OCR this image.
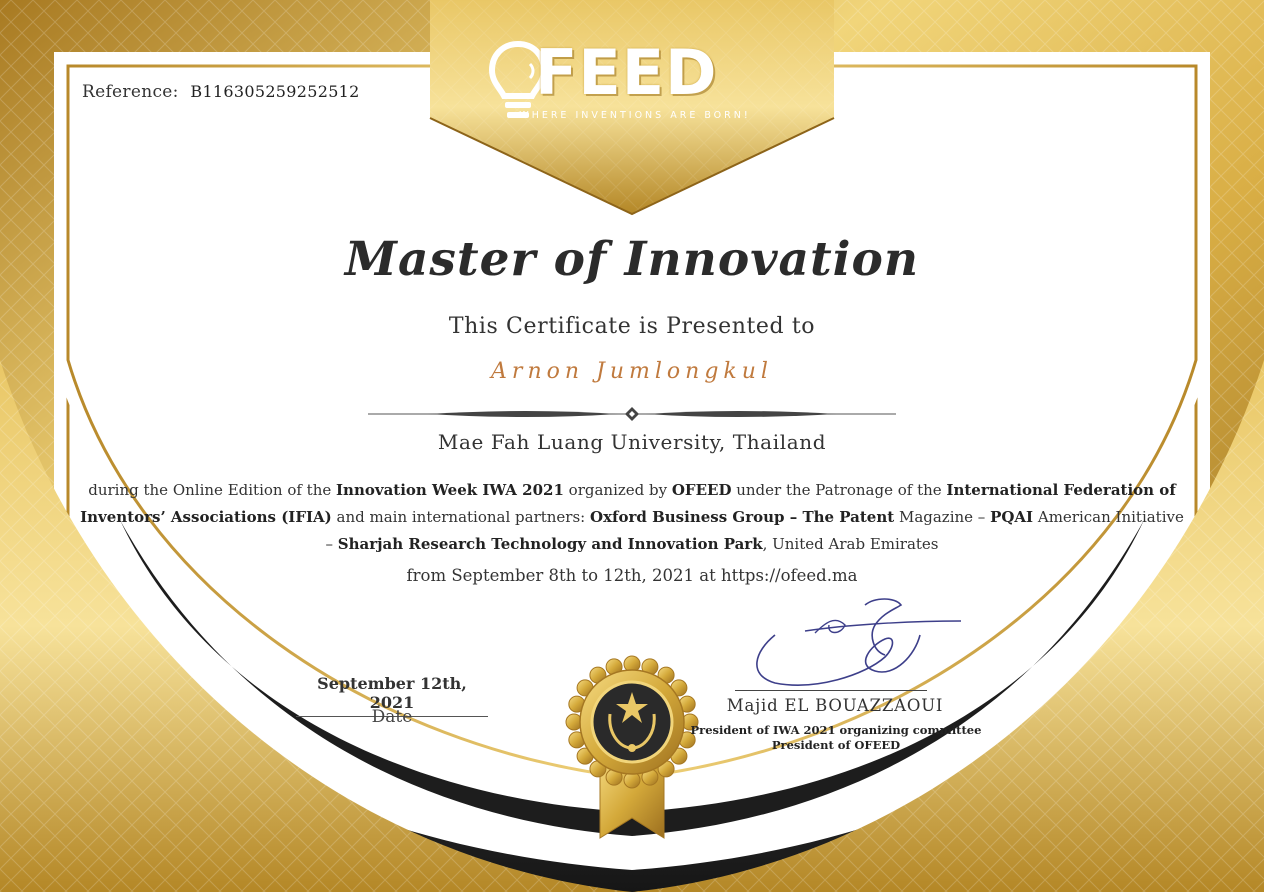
FEED
WHERE INVENTIONS ARE BORN!
Reference: B116305259252512
Master of Innovation
This Certificate is Presented to
Arnon Jumlongkul
Mae Fah Luang University, Thailand
during the Online Edition of the Innovation Week IWA 2021 organized by OFEED under the Patronage of the International Federation of Inventors’ Associations (IFIA) and main international partners: Oxford Business Group – The Patent Magazine – PQAI American Initiative – Sharjah Research Technology and Innovation Park, United Arab Emirates
from September 8th to 12th, 2021 at https://ofeed.ma
September 12th, 2021
Date
Majid EL BOUAZZAOUI
President of IWA 2021 organizing committee
President of OFEED
